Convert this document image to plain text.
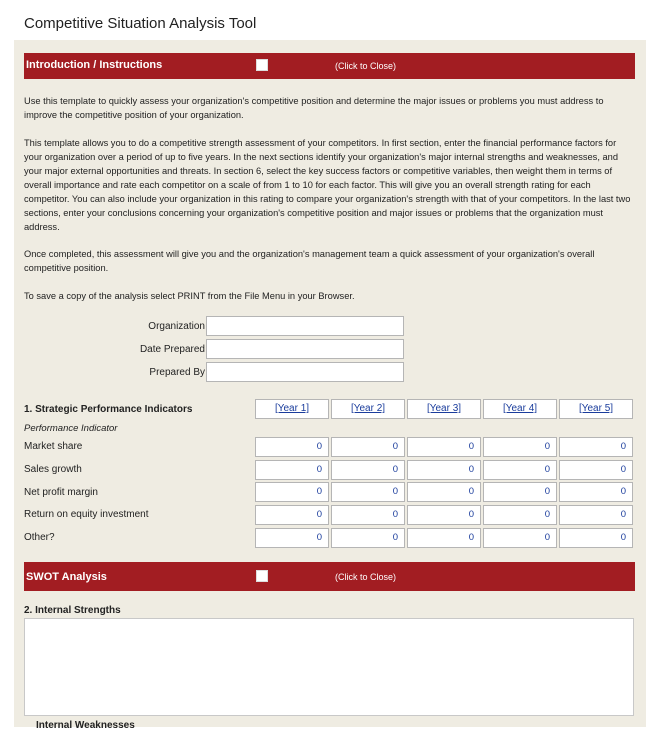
Competitive Situation Analysis Tool
Introduction / Instructions	(Click to Close)
Use this template to quickly assess your organization's competitive position and determine the major issues or problems you must address to improve the competitive position of your organization.
This template allows you to do a competitive strength assessment of your competitors. In first section, enter the financial performance factors for your organization over a period of up to five years. In the next sections identify your organization's major internal strengths and weaknesses, and your major external opportunities and threats. In section 6, select the key success factors or competitive variables, then weight them in terms of overall importance and rate each competitor on a scale of from 1 to 10 for each factor. This will give you an overall strength rating for each competitor. You can also include your organization in this rating to compare your organization's strength with that of your competitors. In the last two sections, enter your conclusions concerning your organization's competitive position and major issues or problems that the organization must address.
Once completed, this assessment will give you and the organization's management team a quick assessment of your organization's overall competitive position.
To save a copy of the analysis select PRINT from the File Menu in your Browser.
Organization
Date Prepared
Prepared By
1. Strategic Performance Indicators
Performance Indicator
[Year 1]	[Year 2]	[Year 3]	[Year 4]	[Year 5]
Market share	0	0	0	0	0
Sales growth	0	0	0	0	0
Net profit margin	0	0	0	0	0
Return on equity investment	0	0	0	0	0
Other?	0	0	0	0	0
SWOT Analysis	(Click to Close)
2. Internal Strengths
Internal Weaknesses
